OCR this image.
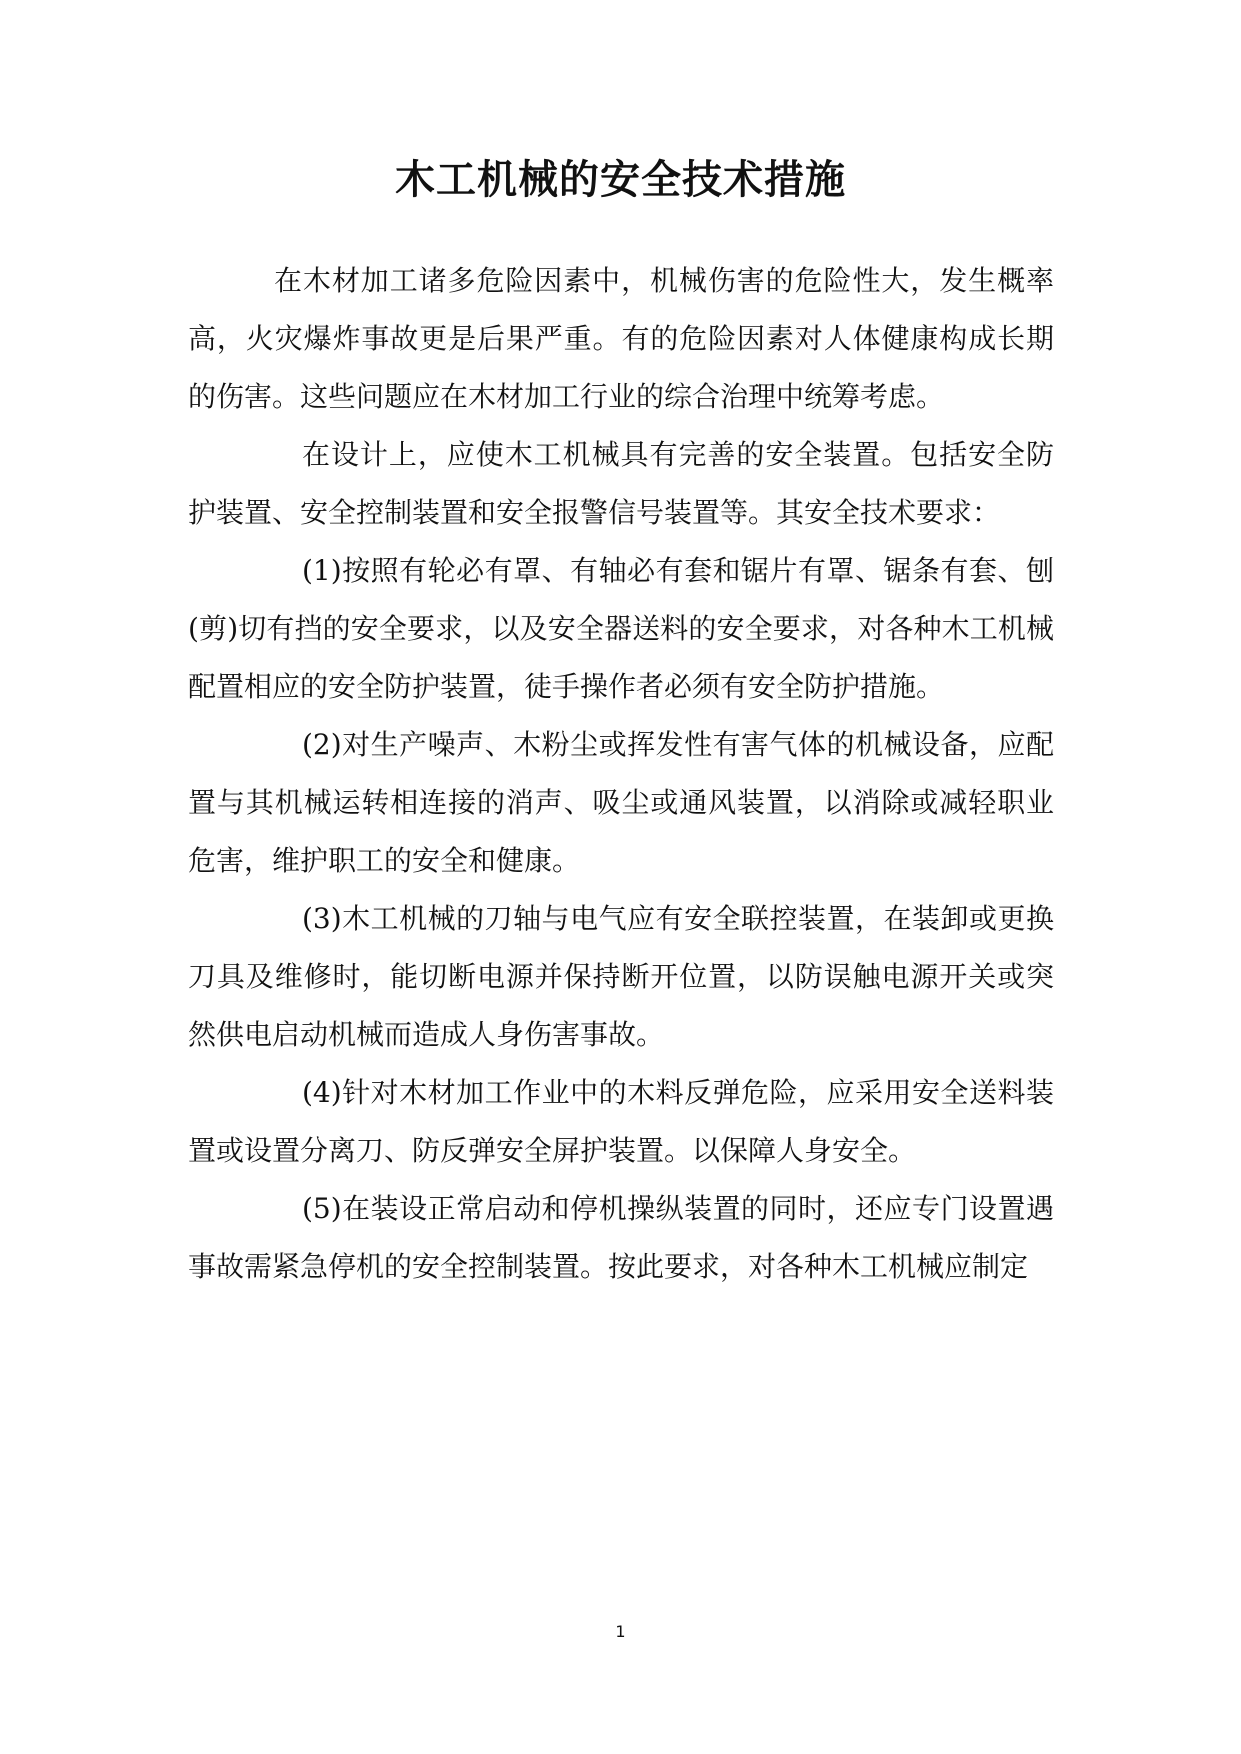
木工机械的安全技术措施

在木材加工诸多危险因素中，机械伤害的危险性大，发生概率高，火灾爆炸事故更是后果严重。有的危险因素对人体健康构成长期的伤害。这些问题应在木材加工行业的综合治理中统筹考虑。

在设计上，应使木工机械具有完善的安全装置。包括安全防护装置、安全控制装置和安全报警信号装置等。其安全技术要求：

(1)按照有轮必有罩、有轴必有套和锯片有罩、锯条有套、刨(剪)切有挡的安全要求，以及安全器送料的安全要求，对各种木工机械配置相应的安全防护装置，徒手操作者必须有安全防护措施。

(2)对生产噪声、木粉尘或挥发性有害气体的机械设备，应配置与其机械运转相连接的消声、吸尘或通风装置，以消除或减轻职业危害，维护职工的安全和健康。

(3)木工机械的刀轴与电气应有安全联控装置，在装卸或更换刀具及维修时，能切断电源并保持断开位置，以防误触电源开关或突然供电启动机械而造成人身伤害事故。

(4)针对木材加工作业中的木料反弹危险，应采用安全送料装置或设置分离刀、防反弹安全屏护装置。以保障人身安全。

(5)在装设正常启动和停机操纵装置的同时，还应专门设置遇事故需紧急停机的安全控制装置。按此要求，对各种木工机械应制定

1
